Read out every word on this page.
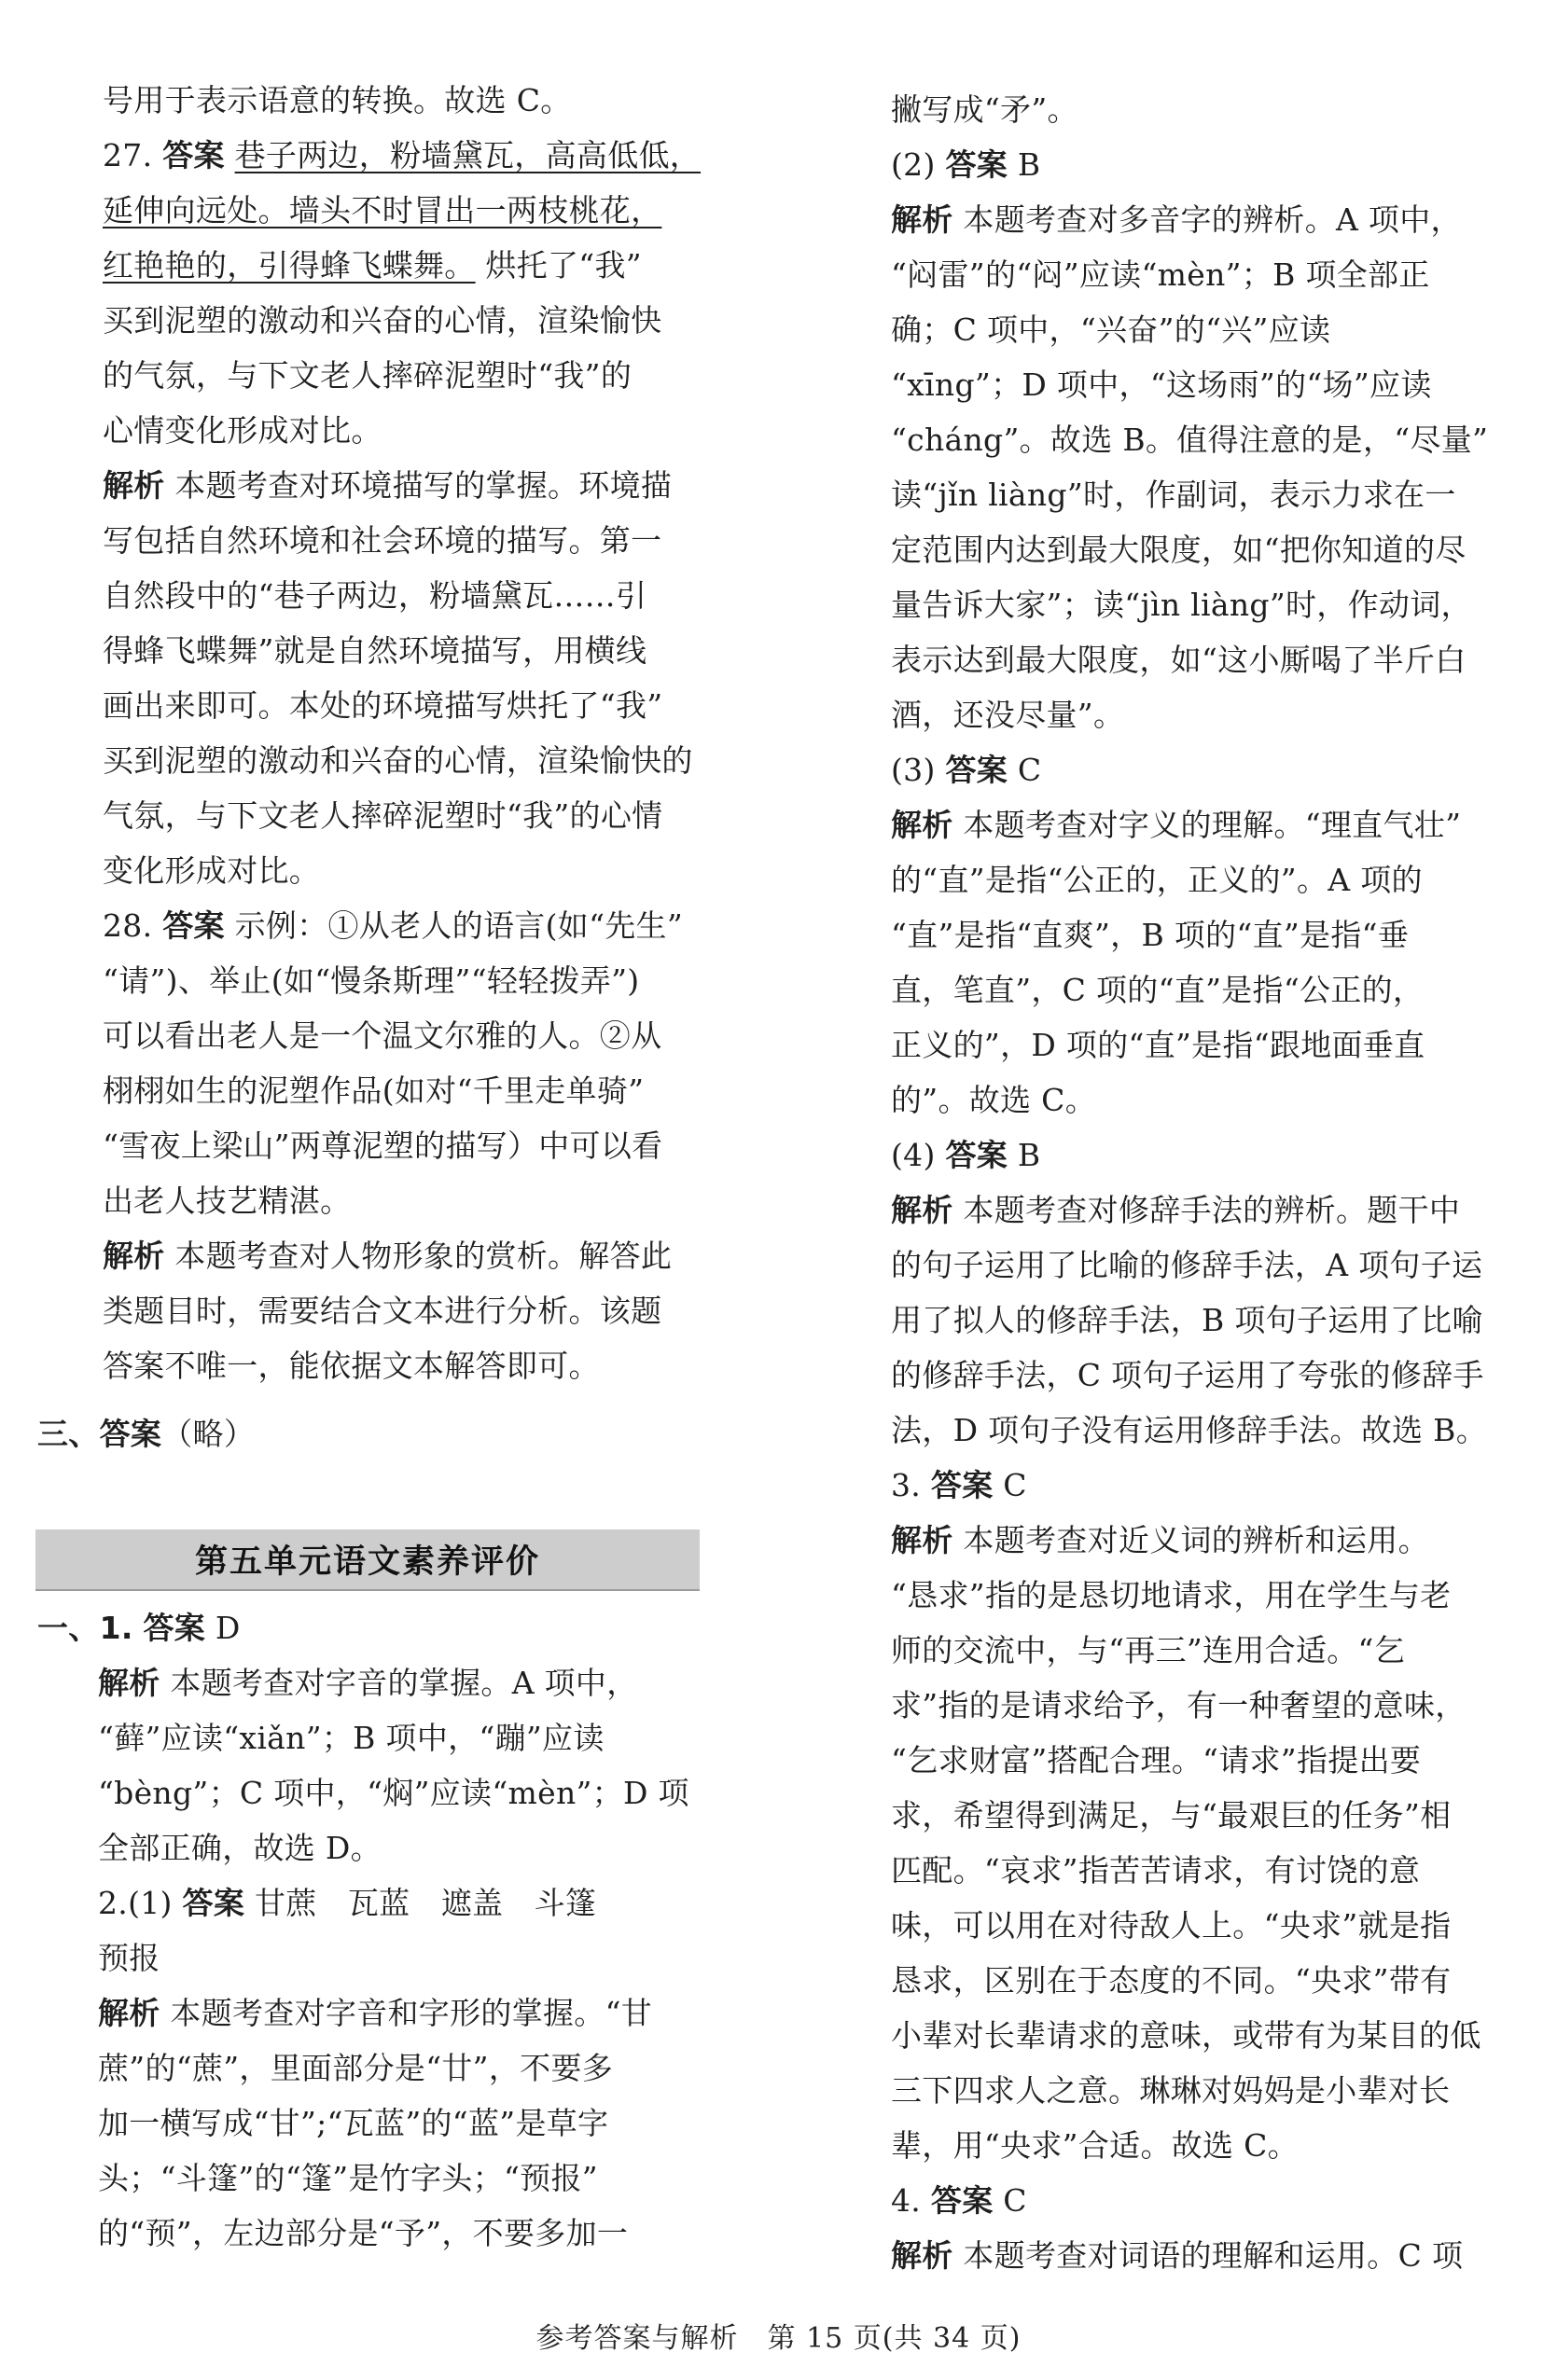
号用于表示语意的转换。故选 C。
27. 答案 巷子两边，粉墙黛瓦，高高低低，
延伸向远处。墙头不时冒出一两枝桃花，
红艳艳的，引得蜂飞蝶舞。 烘托了“我”
买到泥塑的激动和兴奋的心情，渲染愉快
的气氛，与下文老人摔碎泥塑时“我”的
心情变化形成对比。
解析 本题考查对环境描写的掌握。环境描
写包括自然环境和社会环境的描写。第一
自然段中的“巷子两边，粉墙黛瓦……引
得蜂飞蝶舞”就是自然环境描写，用横线
画出来即可。本处的环境描写烘托了“我”
买到泥塑的激动和兴奋的心情，渲染愉快的
气氛，与下文老人摔碎泥塑时“我”的心情
变化形成对比。
28. 答案 示例：①从老人的语言(如“先生”
“请”)、举止(如“慢条斯理”“轻轻拨弄”)
可以看出老人是一个温文尔雅的人。②从
栩栩如生的泥塑作品(如对“千里走单骑”
“雪夜上梁山”两尊泥塑的描写）中可以看
出老人技艺精湛。
解析 本题考查对人物形象的赏析。解答此
类题目时，需要结合文本进行分析。该题
答案不唯一，能依据文本解答即可。
三、答案（略）
第五单元语文素养评价
一、1. 答案 D
解析 本题考查对字音的掌握。A 项中，
“藓”应读“xiǎn”；B 项中，“蹦”应读
“bèng”；C 项中，“焖”应读“mèn”；D 项
全部正确，故选 D。
2.(1) 答案 甘蔗　瓦蓝　遮盖　斗篷
预报
解析 本题考查对字音和字形的掌握。“甘
蔗”的“蔗”，里面部分是“廿”，不要多
加一横写成“甘”;“瓦蓝”的“蓝”是草字
头；“斗篷”的“篷”是竹字头；“预报”
的“预”，左边部分是“予”，不要多加一
撇写成“矛”。
(2) 答案 B
解析 本题考查对多音字的辨析。A 项中，
“闷雷”的“闷”应读“mèn”；B 项全部正
确；C 项中，“兴奋”的“兴”应读
“xīng”；D 项中，“这场雨”的“场”应读
“cháng”。故选 B。值得注意的是，“尽量”
读“jǐn liàng”时，作副词，表示力求在一
定范围内达到最大限度，如“把你知道的尽
量告诉大家”；读“jìn liàng”时，作动词，
表示达到最大限度，如“这小厮喝了半斤白
酒，还没尽量”。
(3) 答案 C
解析 本题考查对字义的理解。“理直气壮”
的“直”是指“公正的，正义的”。A 项的
“直”是指“直爽”，B 项的“直”是指“垂
直，笔直”，C 项的“直”是指“公正的，
正义的”，D 项的“直”是指“跟地面垂直
的”。故选 C。
(4) 答案 B
解析 本题考查对修辞手法的辨析。题干中
的句子运用了比喻的修辞手法，A 项句子运
用了拟人的修辞手法，B 项句子运用了比喻
的修辞手法，C 项句子运用了夸张的修辞手
法，D 项句子没有运用修辞手法。故选 B。
3. 答案 C
解析 本题考查对近义词的辨析和运用。
“恳求”指的是恳切地请求，用在学生与老
师的交流中，与“再三”连用合适。“乞
求”指的是请求给予，有一种奢望的意味，
“乞求财富”搭配合理。“请求”指提出要
求，希望得到满足，与“最艰巨的任务”相
匹配。“哀求”指苦苦请求，有讨饶的意
味，可以用在对待敌人上。“央求”就是指
恳求，区别在于态度的不同。“央求”带有
小辈对长辈请求的意味，或带有为某目的低
三下四求人之意。琳琳对妈妈是小辈对长
辈，用“央求”合适。故选 C。
4. 答案 C
解析 本题考查对词语的理解和运用。C 项
参考答案与解析　第 15 页(共 34 页)
